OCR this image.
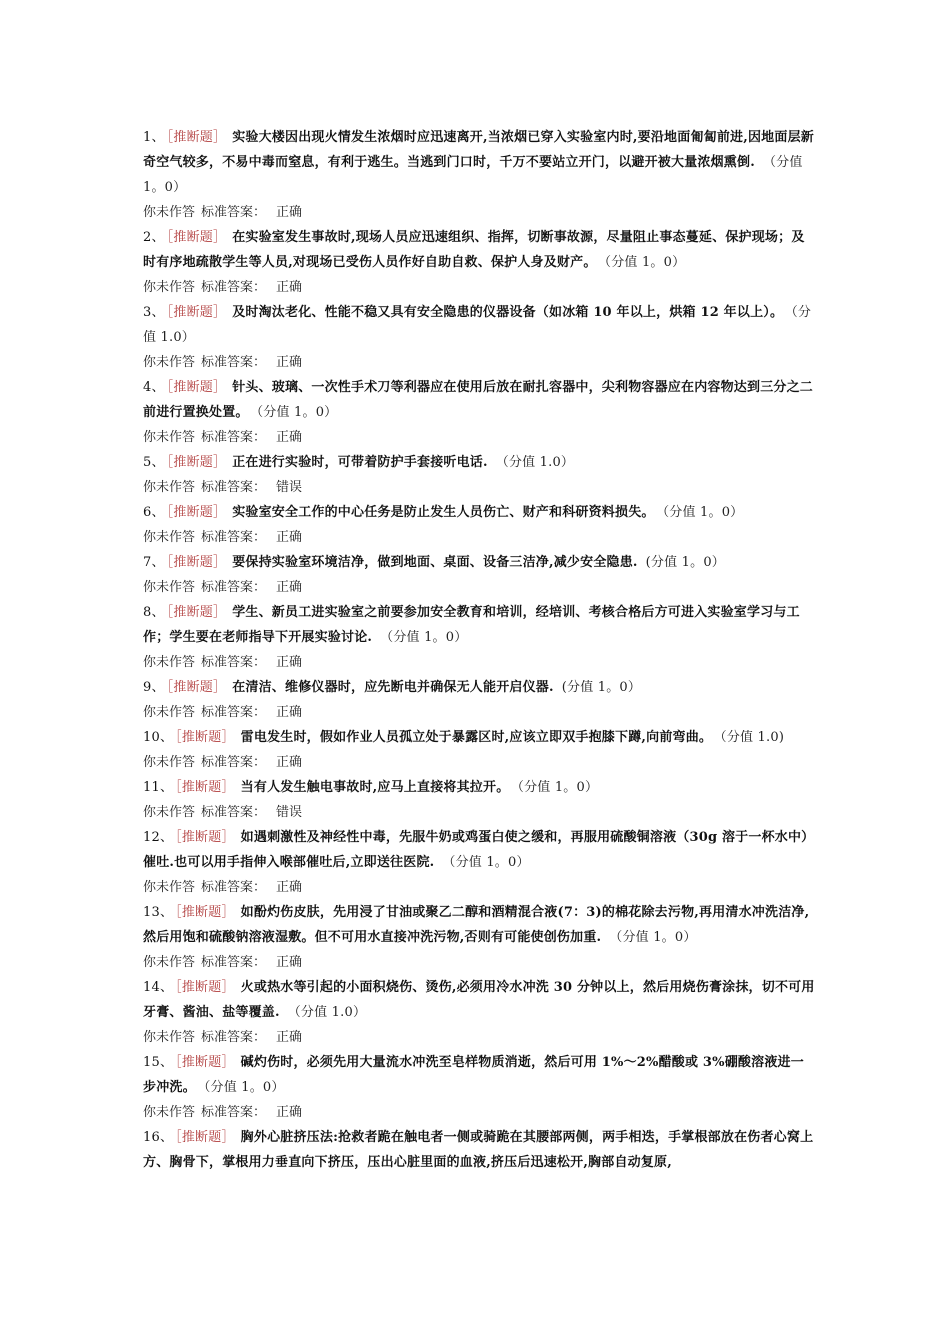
1、 ［推断题］ 实验大楼因出现火情发生浓烟时应迅速离开,当浓烟已穿入实验室内时,要沿地面匍匐前进,因地面层新奇空气较多，不易中毒而窒息，有利于逃生。当逃到门口时，千万不要站立开门，以避开被大量浓烟熏倒. （分值 1。0）

你未作答 标准答案： 正确

2、 ［推断题］ 在实验室发生事故时,现场人员应迅速组织、指挥，切断事故源，尽量阻止事态蔓延、保护现场；及时有序地疏散学生等人员,对现场已受伤人员作好自助自救、保护人身及财产。 （分值 1。0）

你未作答 标准答案： 正确

3、 ［推断题］ 及时淘汰老化、性能不稳又具有安全隐患的仪器设备（如冰箱 10 年以上，烘箱 12 年以上）。 （分值 1.0）

你未作答 标准答案： 正确

4、 ［推断题］ 针头、玻璃、一次性手术刀等利器应在使用后放在耐扎容器中，尖利物容器应在内容物达到三分之二前进行置换处置。 （分值 1。0）

你未作答 标准答案： 正确

5、 ［推断题］ 正在进行实验时，可带着防护手套接听电话. （分值 1.0）

你未作答 标准答案： 错误

6、 ［推断题］ 实验室安全工作的中心任务是防止发生人员伤亡、财产和科研资料损失。 （分值 1。0）

你未作答 标准答案： 正确

7、 ［推断题］ 要保持实验室环境洁净，做到地面、桌面、设备三洁净,减少安全隐患. (分值 1。0）

你未作答 标准答案： 正确

8、 ［推断题］ 学生、新员工进实验室之前要参加安全教育和培训，经培训、考核合格后方可进入实验室学习与工作；学生要在老师指导下开展实验讨论. （分值 1。0）

你未作答 标准答案： 正确

9、 ［推断题］ 在清洁、维修仪器时，应先断电并确保无人能开启仪器. (分值 1。0）

你未作答 标准答案： 正确

10、 ［推断题］ 雷电发生时，假如作业人员孤立处于暴露区时,应该立即双手抱膝下蹲,向前弯曲。 （分值 1.0)

你未作答 标准答案： 正确

11、 ［推断题］ 当有人发生触电事故时,应马上直接将其拉开。 （分值 1。0）

你未作答 标准答案： 错误

12、 ［推断题］ 如遇刺激性及神经性中毒，先服牛奶或鸡蛋白使之缓和，再服用硫酸铜溶液（30g 溶于一杯水中）催吐.也可以用手指伸入喉部催吐后,立即送往医院. （分值 1。0）

你未作答 标准答案： 正确

13、 ［推断题］ 如酚灼伤皮肤，先用浸了甘油或聚乙二醇和酒精混合液(7：3)的棉花除去污物,再用清水冲洗洁净,然后用饱和硫酸钠溶液湿敷。但不可用水直接冲洗污物,否则有可能使创伤加重. （分值 1。0）

你未作答 标准答案： 正确

14、 ［推断题］ 火或热水等引起的小面积烧伤、烫伤,必须用冷水冲洗 30 分钟以上，然后用烧伤膏涂抹，切不可用牙膏、酱油、盐等覆盖. （分值 1.0）

你未作答 标准答案： 正确

15、 ［推断题］ 碱灼伤时，必须先用大量流水冲洗至皂样物质消逝，然后可用 1%～2%醋酸或 3%硼酸溶液进一步冲洗。 （分值 1。0）

你未作答 标准答案： 正确

16、 ［推断题］ 胸外心脏挤压法:抢救者跪在触电者一侧或骑跪在其腰部两侧，两手相迭，手掌根部放在伤者心窝上方、胸骨下，掌根用力垂直向下挤压，压出心脏里面的血液,挤压后迅速松开,胸部自动复原,
